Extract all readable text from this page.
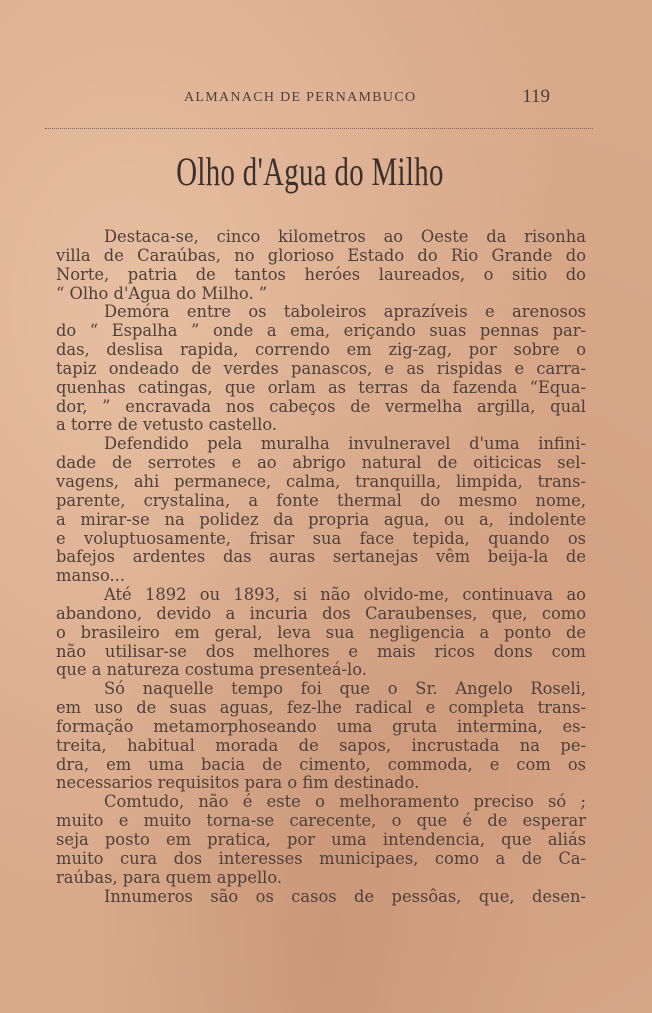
ALMANACH DE PERNAMBUCO	119
Olho d'Agua do Milho
Destaca-se, cinco kilometros ao Oeste da risonha
villa de Caraúbas, no glorioso Estado do Rio Grande do
Norte, patria de tantos heróes laureados, o sitio do
“ Olho d'Agua do Milho. ”
Demóra entre os taboleiros aprazíveis e arenosos
do “ Espalha ” onde a ema, eriçando suas pennas par-
das, deslisa rapida, correndo em zig-zag, por sobre o
tapiz ondeado de verdes panascos, e as rispidas e carra-
quenhas catingas, que orlam as terras da fazenda “Equa-
dor, ” encravada nos cabeços de vermelha argilla, qual
a torre de vetusto castello.
Defendido pela muralha invulneravel d'uma infini-
dade de serrotes e ao abrigo natural de oiticicas sel-
vagens, ahi permanece, calma, tranquilla, limpida, trans-
parente, crystalina, a fonte thermal do mesmo nome,
a mirar-se na polidez da propria agua, ou a, indolente
e voluptuosamente, frisar sua face tepida, quando os
bafejos ardentes das auras sertanejas vêm beija-la de
manso...
Até 1892 ou 1893, si não olvido-me, continuava ao
abandono, devido a incuria dos Caraubenses, que, como
o brasileiro em geral, leva sua negligencia a ponto de
não utilisar-se dos melhores e mais ricos dons com
que a natureza costuma presenteá-lo.
Só naquelle tempo foi que o Sr. Angelo Roseli,
em uso de suas aguas, fez-lhe radical e completa trans-
formação metamorphoseando uma gruta intermina, es-
treita, habitual morada de sapos, incrustada na pe-
dra, em uma bacia de cimento, commoda, e com os
necessarios requisitos para o fim destinado.
Comtudo, não é este o melhoramento preciso só ;
muito e muito torna-se carecente, o que é de esperar
seja posto em pratica, por uma intendencia, que aliás
muito cura dos interesses municipaes, como a de Ca-
raúbas, para quem appello.
Innumeros são os casos de pessôas, que, desen-
